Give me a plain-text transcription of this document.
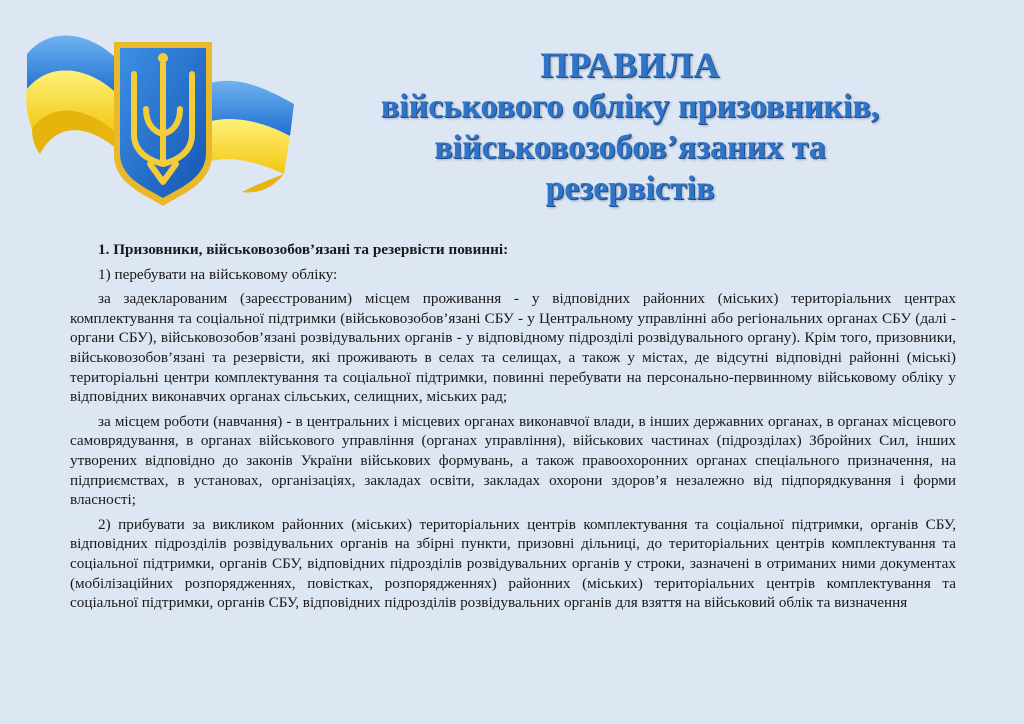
ПРАВИЛА
військового обліку призовників,
військовозобов’язаних та
резервістів

1. Призовники, військовозобов’язані та резервісти повинні:

1) перебувати на військовому обліку:

за задекларованим (зареєстрованим) місцем проживання - у відповідних районних (міських) територіальних центрах комплектування та соціальної підтримки (військовозобов’язані СБУ - у Центральному управлінні або регіональних органах СБУ (далі - органи СБУ), військовозобов’язані розвідувальних органів - у відповідному підрозділі розвідувального органу). Крім того, призовники, військовозобов’язані та резервісти, які проживають в селах та селищах, а також у містах, де відсутні відповідні районні (міські) територіальні центри комплектування та соціальної підтримки, повинні перебувати на персонально-первинному військовому обліку у відповідних виконавчих органах сільських, селищних, міських рад;

за місцем роботи (навчання) - в центральних і місцевих органах виконавчої влади, в інших державних органах, в органах місцевого самоврядування, в органах військового управління (органах управління), військових частинах (підрозділах) Збройних Сил, інших утворених відповідно до законів України військових формувань, а також правоохоронних органах спеціального призначення, на підприємствах, в установах, організаціях, закладах освіти, закладах охорони здоров’я незалежно від підпорядкування і форми власності;

2) прибувати за викликом районних (міських) територіальних центрів комплектування та соціальної підтримки, органів СБУ, відповідних підрозділів розвідувальних органів на збірні пункти, призовні дільниці, до територіальних центрів комплектування та соціальної підтримки, органів СБУ, відповідних підрозділів розвідувальних органів у строки, зазначені в отриманих ними документах (мобілізаційних розпорядженнях, повістках, розпорядженнях) районних (міських) територіальних центрів комплектування та соціальної підтримки, органів СБУ, відповідних підрозділів розвідувальних органів для взяття на військовий облік та визначення
